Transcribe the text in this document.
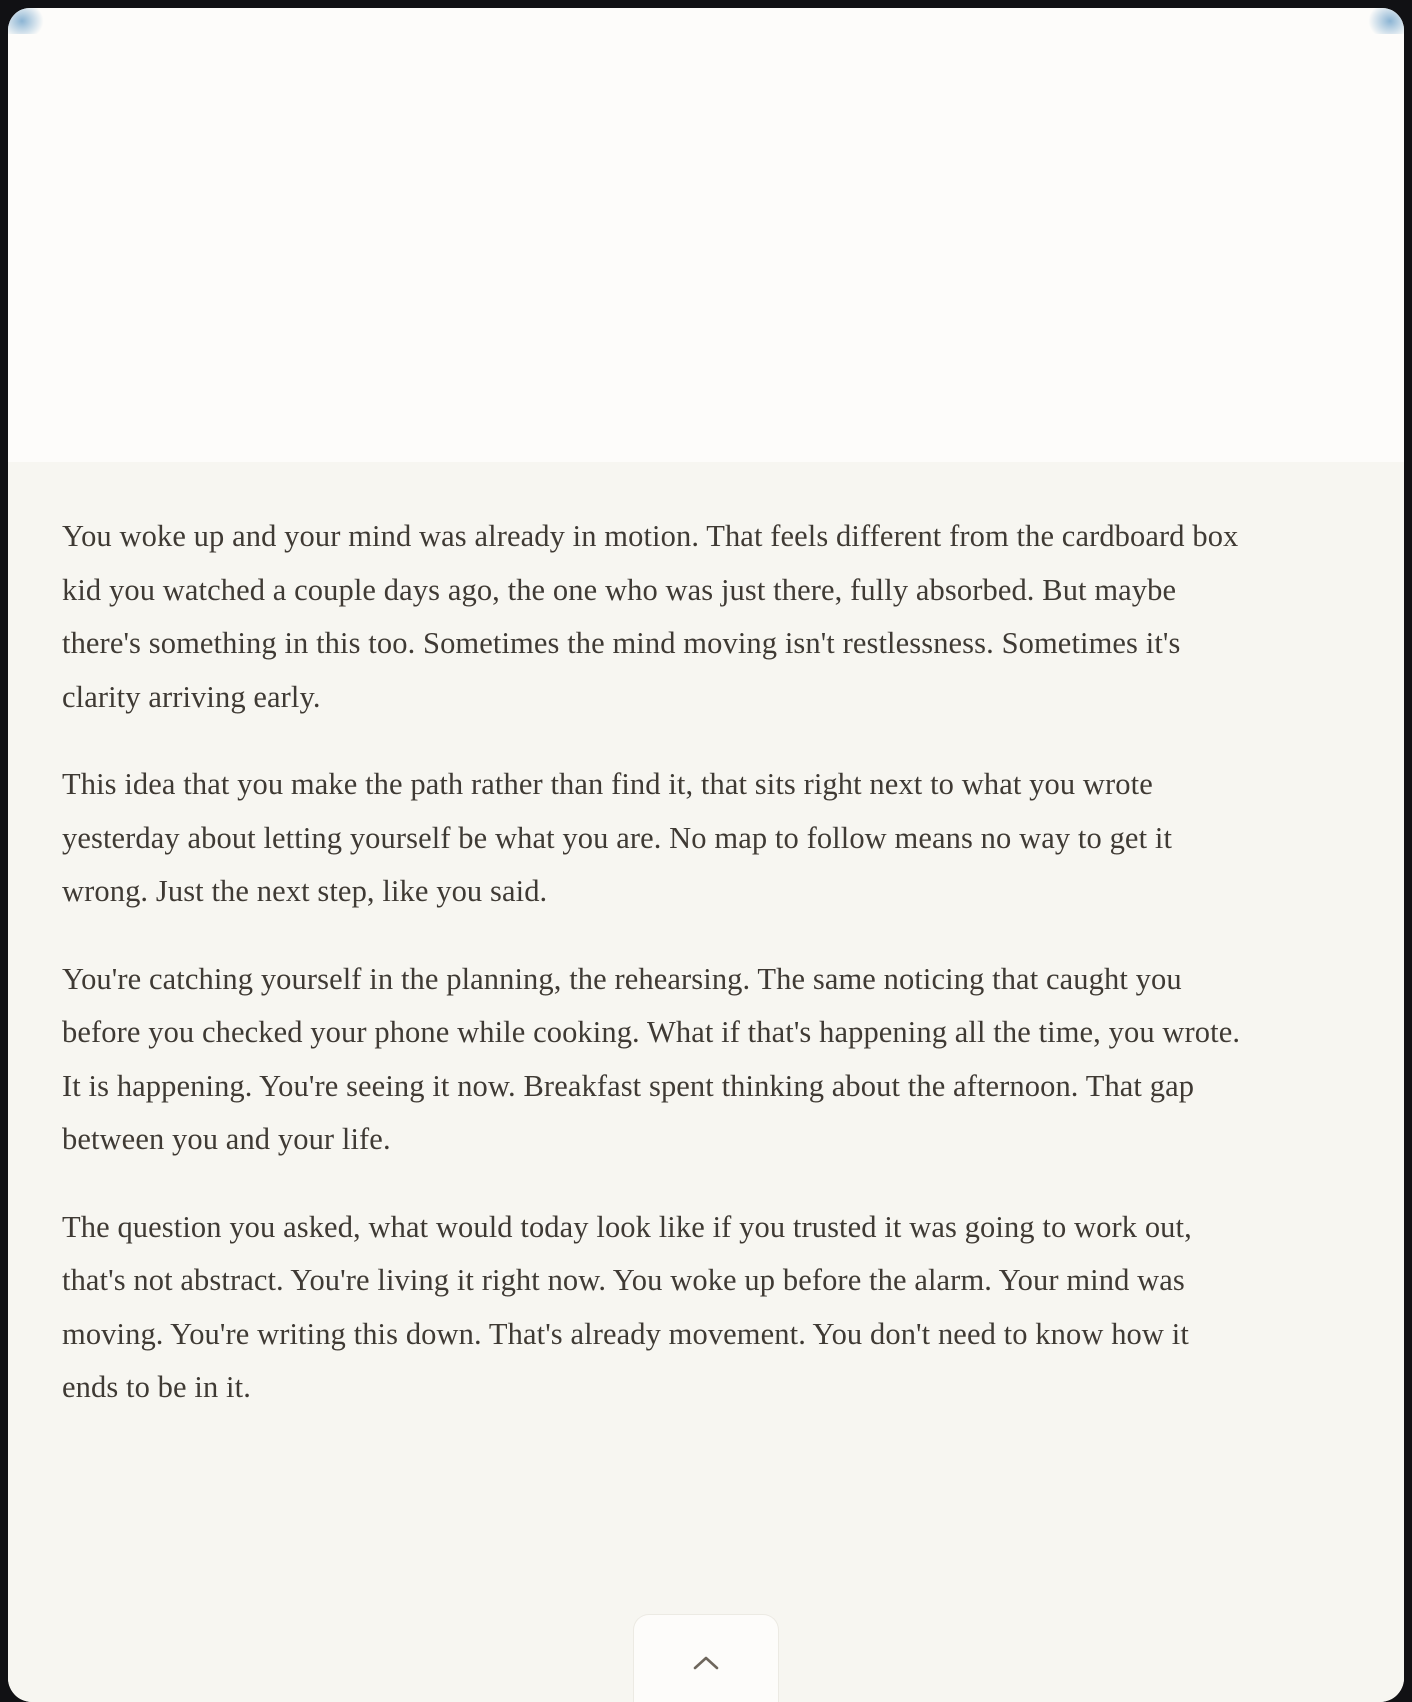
You woke up and your mind was already in motion. That feels different from the cardboard box kid you watched a couple days ago, the one who was just there, fully absorbed. But maybe there's something in this too. Sometimes the mind moving isn't restlessness. Sometimes it's clarity arriving early.

This idea that you make the path rather than find it, that sits right next to what you wrote yesterday about letting yourself be what you are. No map to follow means no way to get it wrong. Just the next step, like you said.

You're catching yourself in the planning, the rehearsing. The same noticing that caught you before you checked your phone while cooking. What if that's happening all the time, you wrote. It is happening. You're seeing it now. Breakfast spent thinking about the afternoon. That gap between you and your life.

The question you asked, what would today look like if you trusted it was going to work out, that's not abstract. You're living it right now. You woke up before the alarm. Your mind was moving. You're writing this down. That's already movement. You don't need to know how it ends to be in it.
